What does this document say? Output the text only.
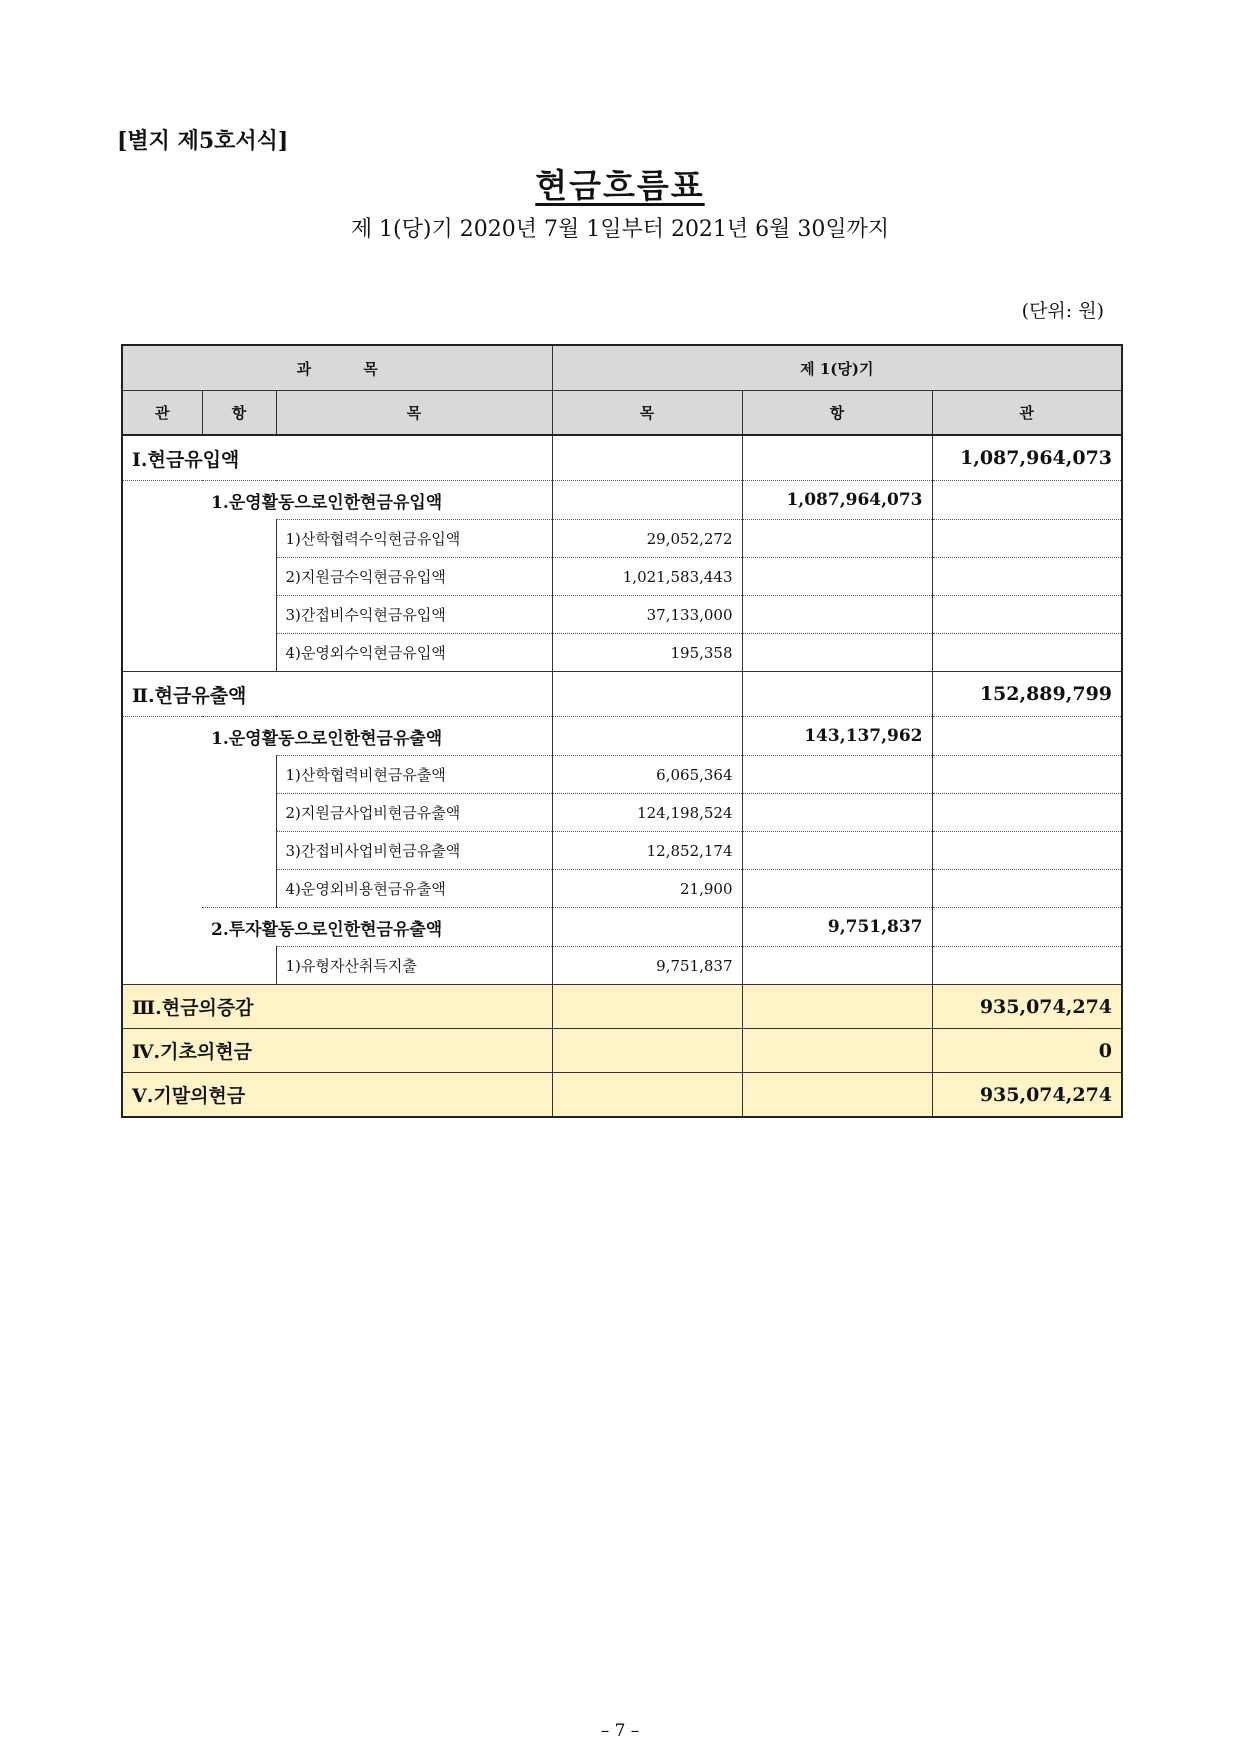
[별지 제5호서식]
현금흐름표
제 1(당)기 2020년 7월 1일부터 2021년 6월 30일까지
(단위: 원)
과          목			제 1(당)기		
관	항	목	목	항	관
Ⅰ.현금유입액					1,087,964,073
	1.운영활동으로인한현금유입액			1,087,964,073	
		1)산학협력수익현금유입액	29,052,272		
		2)지원금수익현금유입액	1,021,583,443		
		3)간접비수익현금유입액	37,133,000		
		4)운영외수익현금유입액	195,358		
Ⅱ.현금유출액					152,889,799
	1.운영활동으로인한현금유출액			143,137,962	
		1)산학협력비현금유출액	6,065,364		
		2)지원금사업비현금유출액	124,198,524		
		3)간접비사업비현금유출액	12,852,174		
		4)운영외비용현금유출액	21,900		
	2.투자활동으로인한현금유출액			9,751,837	
		1)유형자산취득지출	9,751,837		
Ⅲ.현금의증감					935,074,274
Ⅳ.기초의현금					0
Ⅴ.기말의현금					935,074,274
– 7 –
